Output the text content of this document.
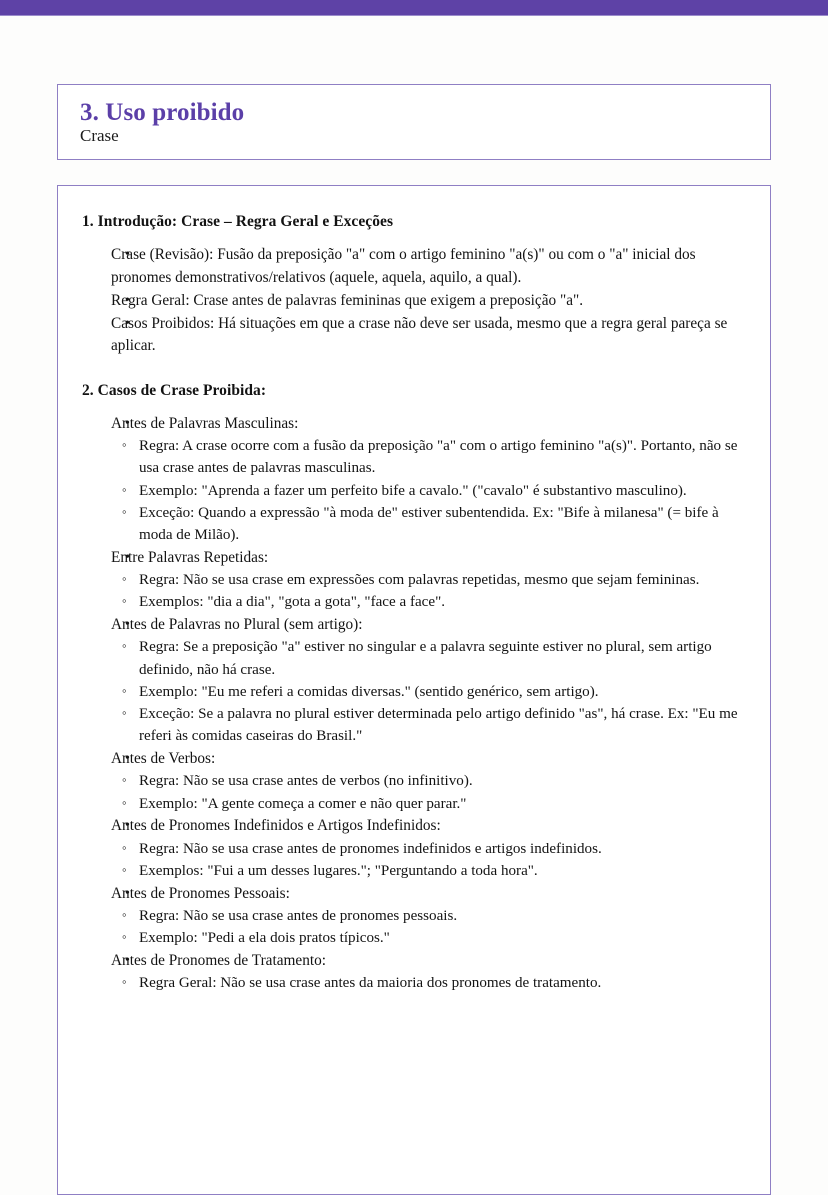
3. Uso proibido
Crase
1. Introdução: Crase – Regra Geral e Exceções
• Crase (Revisão): Fusão da preposição "a" com o artigo feminino "a(s)" ou com o "a" inicial dos pronomes demonstrativos/relativos (aquele, aquela, aquilo, a qual).
• Regra Geral: Crase antes de palavras femininas que exigem a preposição "a".
• Casos Proibidos: Há situações em que a crase não deve ser usada, mesmo que a regra geral pareça se aplicar.
2. Casos de Crase Proibida:
• Antes de Palavras Masculinas:
◦ Regra: A crase ocorre com a fusão da preposição "a" com o artigo feminino "a(s)". Portanto, não se usa crase antes de palavras masculinas.
◦ Exemplo: "Aprenda a fazer um perfeito bife a cavalo." ("cavalo" é substantivo masculino).
◦ Exceção: Quando a expressão "à moda de" estiver subentendida. Ex: "Bife à milanesa" (= bife à moda de Milão).
• Entre Palavras Repetidas:
◦ Regra: Não se usa crase em expressões com palavras repetidas, mesmo que sejam femininas.
◦ Exemplos: "dia a dia", "gota a gota", "face a face".
• Antes de Palavras no Plural (sem artigo):
◦ Regra: Se a preposição "a" estiver no singular e a palavra seguinte estiver no plural, sem artigo definido, não há crase.
◦ Exemplo: "Eu me referi a comidas diversas." (sentido genérico, sem artigo).
◦ Exceção: Se a palavra no plural estiver determinada pelo artigo definido "as", há crase. Ex: "Eu me referi às comidas caseiras do Brasil."
• Antes de Verbos:
◦ Regra: Não se usa crase antes de verbos (no infinitivo).
◦ Exemplo: "A gente começa a comer e não quer parar."
• Antes de Pronomes Indefinidos e Artigos Indefinidos:
◦ Regra: Não se usa crase antes de pronomes indefinidos e artigos indefinidos.
◦ Exemplos: "Fui a um desses lugares."; "Perguntando a toda hora".
• Antes de Pronomes Pessoais:
◦ Regra: Não se usa crase antes de pronomes pessoais.
◦ Exemplo: "Pedi a ela dois pratos típicos."
• Antes de Pronomes de Tratamento:
◦ Regra Geral: Não se usa crase antes da maioria dos pronomes de tratamento.
